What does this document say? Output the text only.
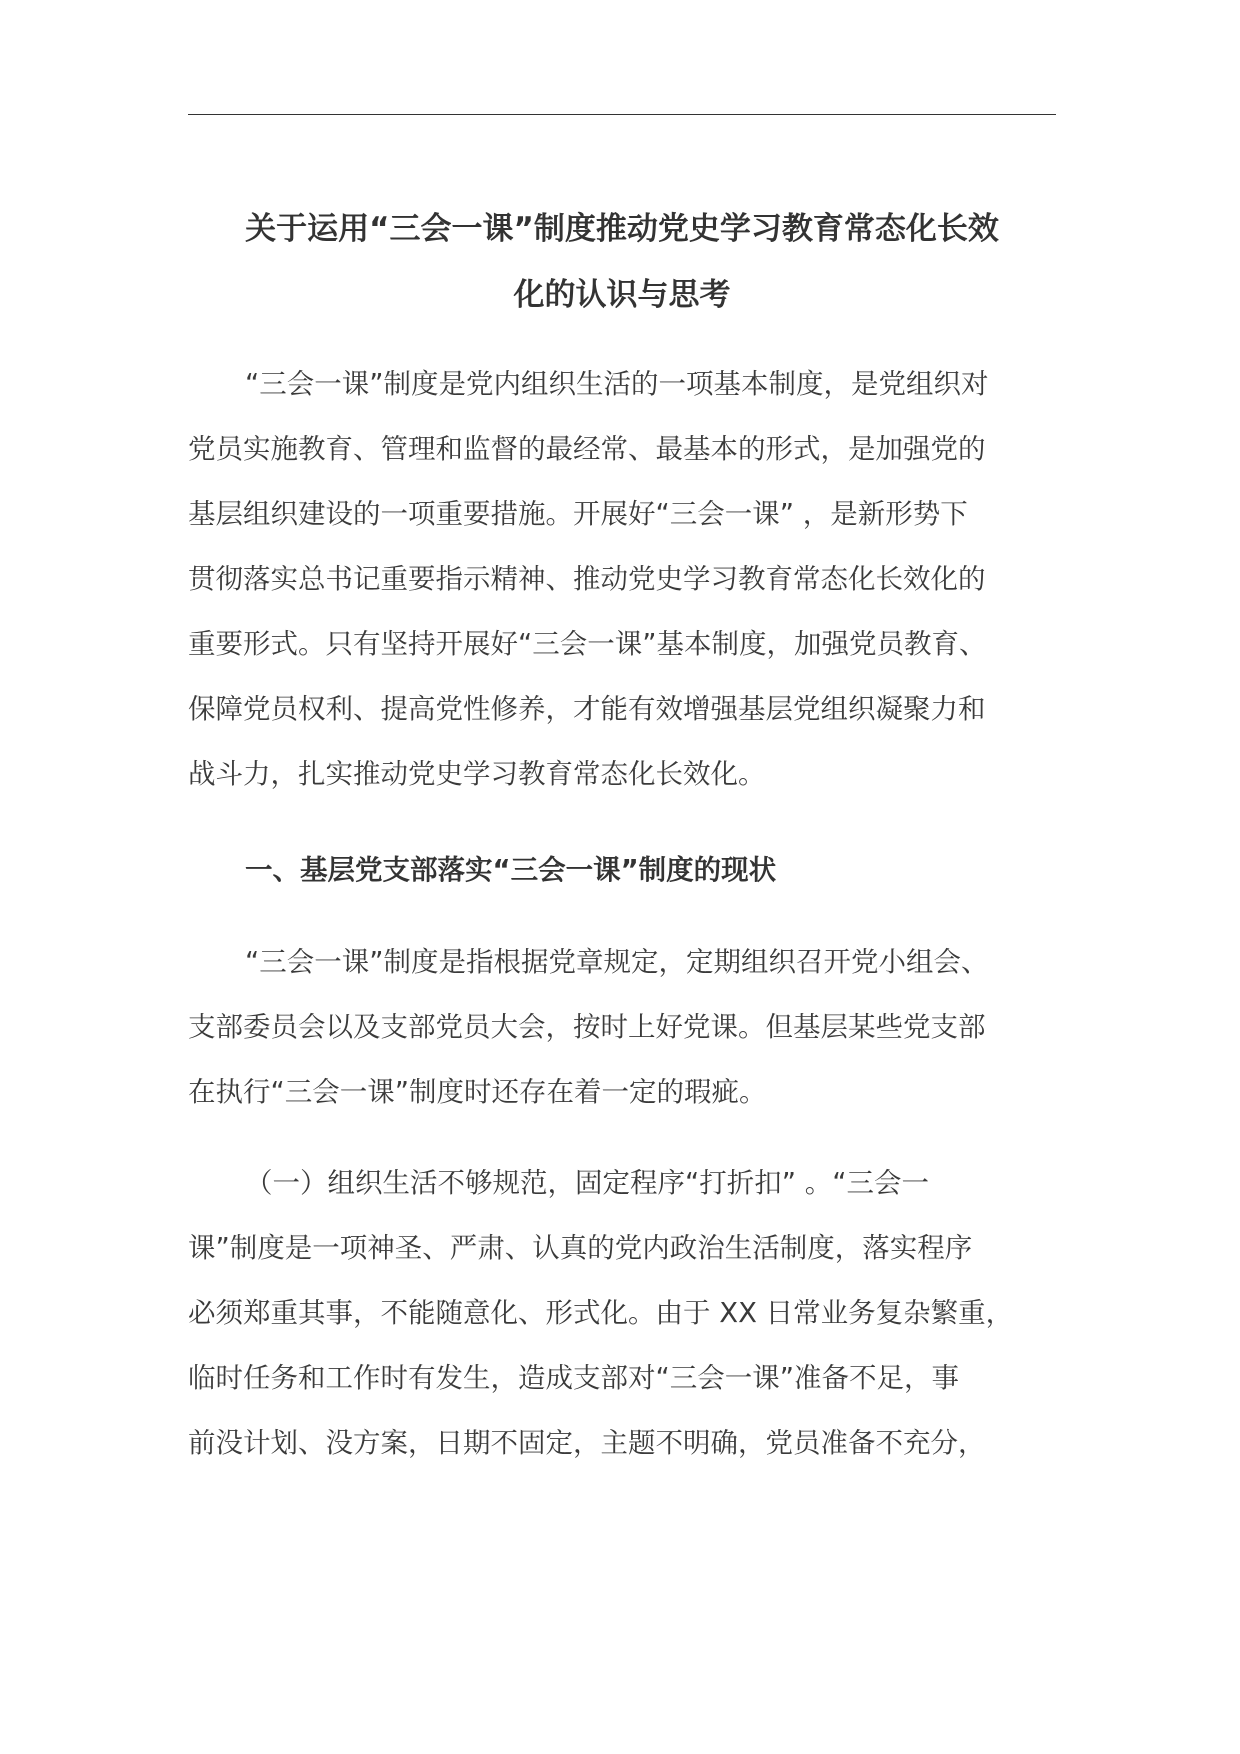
关于运用“三会一课”制度推动党史学习教育常态化长效
化的认识与思考
“三会一课”制度是党内组织生活的一项基本制度，是党组织对
党员实施教育、管理和监督的最经常、最基本的形式，是加强党的
基层组织建设的一项重要措施。开展好“三会一课” ，是新形势下
贯彻落实总书记重要指示精神、推动党史学习教育常态化长效化的
重要形式。只有坚持开展好“三会一课”基本制度，加强党员教育、
保障党员权利、提高党性修养，才能有效增强基层党组织凝聚力和
战斗力，扎实推动党史学习教育常态化长效化。
一、基层党支部落实“三会一课”制度的现状
“三会一课”制度是指根据党章规定，定期组织召开党小组会、
支部委员会以及支部党员大会，按时上好党课。但基层某些党支部
在执行“三会一课”制度时还存在着一定的瑕疵。
（一）组织生活不够规范，固定程序“打折扣” 。“三会一
课”制度是一项神圣、严肃、认真的党内政治生活制度，落实程序
必须郑重其事，不能随意化、形式化。由于 XX 日常业务复杂繁重，
临时任务和工作时有发生，造成支部对“三会一课”准备不足，事
前没计划、没方案，日期不固定，主题不明确，党员准备不充分，
